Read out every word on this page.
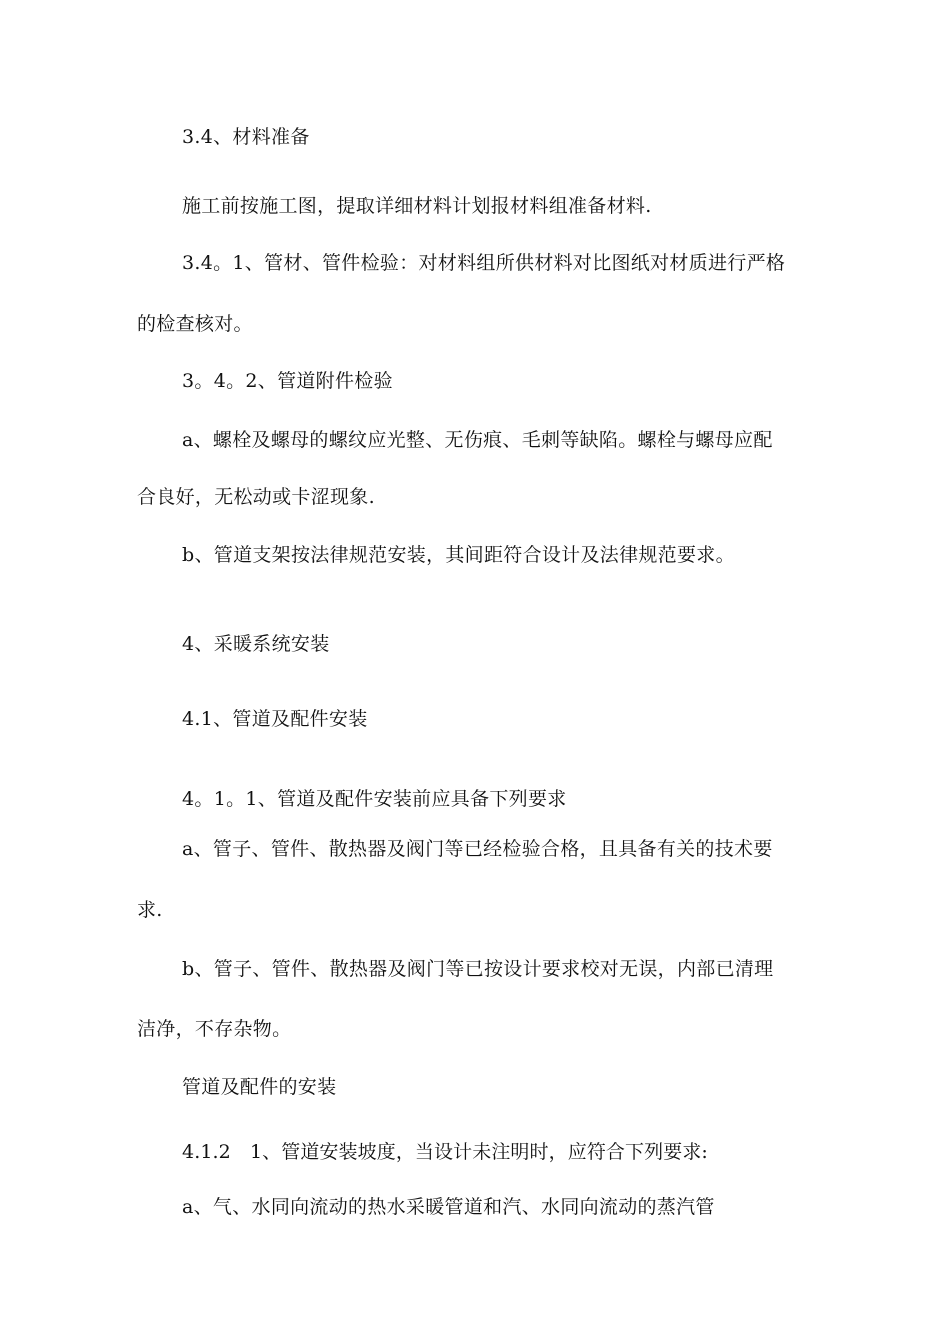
3.4、材料准备
施工前按施工图，提取详细材料计划报材料组准备材料.
3.4。1、管材、管件检验：对材料组所供材料对比图纸对材质进行严格
的检查核对。
3。4。2、管道附件检验
a、螺栓及螺母的螺纹应光整、无伤痕、毛刺等缺陷。螺栓与螺母应配
合良好，无松动或卡涩现象.
b、管道支架按法律规范安装，其间距符合设计及法律规范要求。
4、采暖系统安装
4.1、管道及配件安装
4。1。1、管道及配件安装前应具备下列要求
a、管子、管件、散热器及阀门等已经检验合格，且具备有关的技术要
求.
b、管子、管件、散热器及阀门等已按设计要求校对无误，内部已清理
洁净，不存杂物。
管道及配件的安装
4.1.2　1、管道安装坡度，当设计未注明时，应符合下列要求:
a、气、水同向流动的热水采暖管道和汽、水同向流动的蒸汽管
